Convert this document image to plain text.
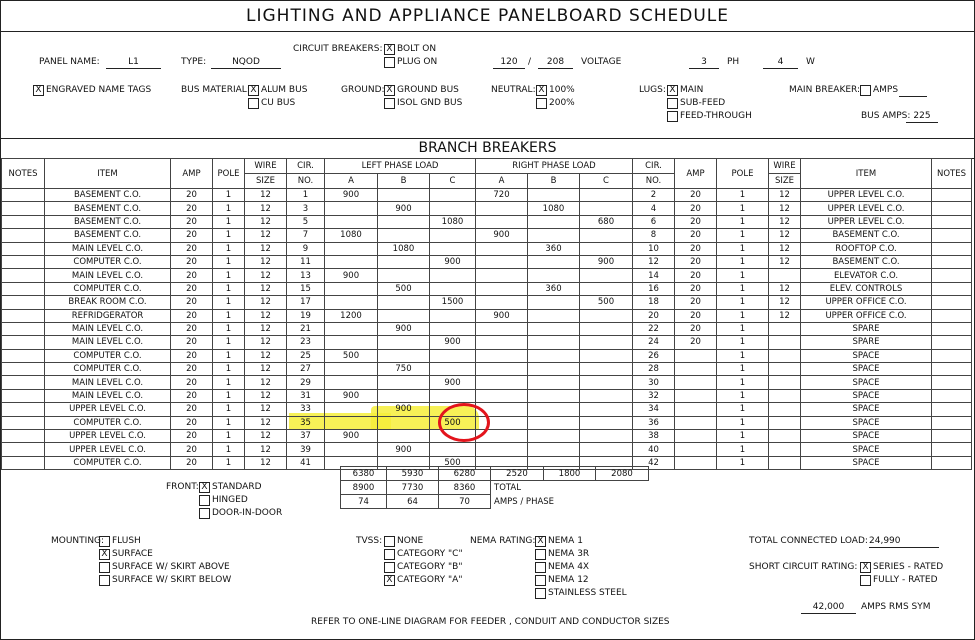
LIGHTING AND APPLIANCE PANELBOARD SCHEDULE
PANEL NAME:	L1	TYPE:	NQOD
CIRCUIT BREAKERS: X BOLT ON
PLUG ON	120	/	208	VOLTAGE	3	PH	4	W
X ENGRAVED NAME TAGS	BUS MATERIAL: X ALUM BUS
CU BUS
GROUND: X GROUND BUS
ISOL GND BUS
NEUTRAL: X 100%
200%
LUGS: X MAIN
SUB-FEED
FEED-THROUGH
MAIN BREAKER: AMPS
BUS AMPS: 225
BRANCH BREAKERS
NOTES	ITEM	AMP	POLE	WIRE	CIR.	LEFT PHASE LOAD			RIGHT PHASE LOAD			CIR.	AMP	POLE	WIRE	ITEM	NOTES
				SIZE	NO.	A	B	C	A	B	C	NO.			SIZE		
	BASEMENT C.O.	20	1	12	1	900			720			2	20	1	12	UPPER LEVEL C.O.	
	BASEMENT C.O.	20	1	12	3		900			1080		4	20	1	12	UPPER LEVEL C.O.	
	BASEMENT C.O.	20	1	12	5			1080			680	6	20	1	12	UPPER LEVEL C.O.	
	BASEMENT C.O.	20	1	12	7	1080			900			8	20	1	12	BASEMENT C.O.	
	MAIN LEVEL C.O.	20	1	12	9		1080			360		10	20	1	12	ROOFTOP C.O.	
	COMPUTER C.O.	20	1	12	11			900			900	12	20	1	12	BASEMENT C.O.	
	MAIN LEVEL C.O.	20	1	12	13	900						14	20	1		ELEVATOR C.O.	
	COMPUTER C.O.	20	1	12	15		500			360		16	20	1	12	ELEV. CONTROLS	
	BREAK ROOM C.O.	20	1	12	17			1500			500	18	20	1	12	UPPER OFFICE C.O.	
	REFRIDGERATOR	20	1	12	19	1200			900			20	20	1	12	UPPER OFFICE C.O.	
	MAIN LEVEL C.O.	20	1	12	21		900					22	20	1		SPARE	
	MAIN LEVEL C.O.	20	1	12	23			900				24	20	1		SPARE	
	COMPUTER C.O.	20	1	12	25	500						26		1		SPACE	
	COMPUTER C.O.	20	1	12	27		750					28		1		SPACE	
	MAIN LEVEL C.O.	20	1	12	29			900				30		1		SPACE	
	MAIN LEVEL C.O.	20	1	12	31	900						32		1		SPACE	
	UPPER LEVEL C.O.	20	1	12	33		900					34		1		SPACE	
	COMPUTER C.O.	20	1	12	35			500				36		1		SPACE	
	UPPER LEVEL C.O.	20	1	12	37	900						38		1		SPACE	
	UPPER LEVEL C.O.	20	1	12	39		900					40		1		SPACE	
	COMPUTER C.O.	20	1	12	41			500				42		1		SPACE	
6380	5930	6280	2520	1800	2080
8900	7730	8360	TOTAL		
74	64	70	AMPS / PHASE		
FRONT: X STANDARD
HINGED
DOOR-IN-DOOR
MOUNTING: FLUSH
X SURFACE
SURFACE W/ SKIRT ABOVE
SURFACE W/ SKIRT BELOW
TVSS: NONE
CATEGORY "C"
CATEGORY "B"
X CATEGORY "A"
NEMA RATING: X NEMA 1
NEMA 3R
NEMA 4X
NEMA 12
STAINLESS STEEL
TOTAL CONNECTED LOAD: 24,990
SHORT CIRCUIT RATING: X SERIES - RATED
FULLY - RATED
42,000	AMPS RMS SYM
REFER TO ONE-LINE DIAGRAM FOR FEEDER , CONDUIT AND CONDUCTOR SIZES
